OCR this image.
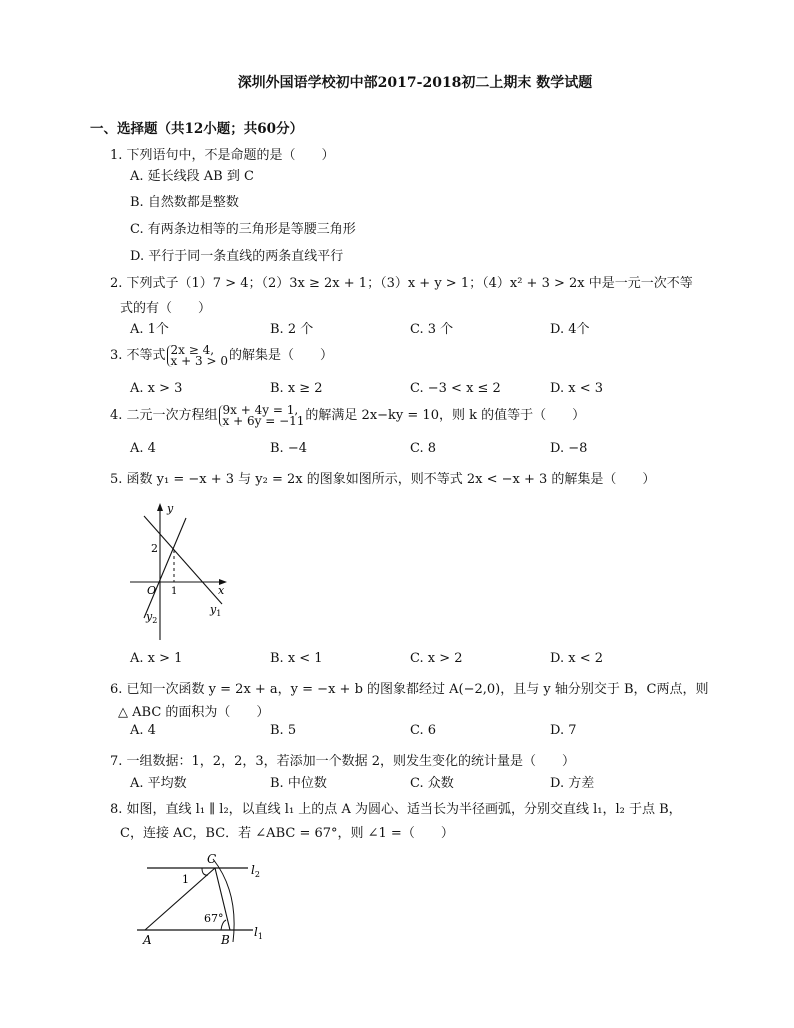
深圳外国语学校初中部2017-2018初二上期末 数学试题
一、选择题（共12小题；共60分）
1. 下列语句中，不是命题的是（　　）
A. 延长线段 AB 到 C
B. 自然数都是整数
C. 有两条边相等的三角形是等腰三角形
D. 平行于同一条直线的两条直线平行
2. 下列式子（1）7 > 4；（2）3x ≥ 2x + 1；（3）x + y > 1；（4）x² + 3 > 2x 中是一元一次不等
式的有（　　）
A. 1个	B. 2 个	C. 3 个	D. 4个
3. 不等式 2x ≥ 4,
x + 3 > 0的解集是（　　）
A. x > 3	B. x ≥ 2	C. −3 < x ≤ 2	D. x < 3
4. 二元一次方程组 9x + 4y = 1,
x + 6y = −11的解满足 2x−ky = 10，则 k 的值等于（　　）
A. 4	B. −4	C. 8	D. −8
5. 函数 y₁ = −x + 3 与 y₂ = 2x 的图象如图所示，则不等式 2x < −x + 3 的解集是（　　）
y
x
O
2
1
$y_1$
$y_2$
A. x > 1	B. x < 1	C. x > 2	D. x < 2
6. 已知一次函数 y = 2x + a，y = −x + b 的图象都经过 A(−2,0)，且与 y 轴分别交于 B，C两点，则
△ ABC 的面积为（　　）
A. 4	B. 5	C. 6	D. 7
7. 一组数据：1，2，2，3，若添加一个数据 2，则发生变化的统计量是（　　）
A. 平均数	B. 中位数	C. 众数	D. 方差
8. 如图，直线 l₁ ∥ l₂，以直线 l₁ 上的点 A 为圆心、适当长为半径画弧，分别交直线 l₁，l₂ 于点 B，
C，连接 AC，BC．若 ∠ABC = 67°，则 ∠1 =（　　）
C
$l_2$
1
67°
A	B
$l_1$
